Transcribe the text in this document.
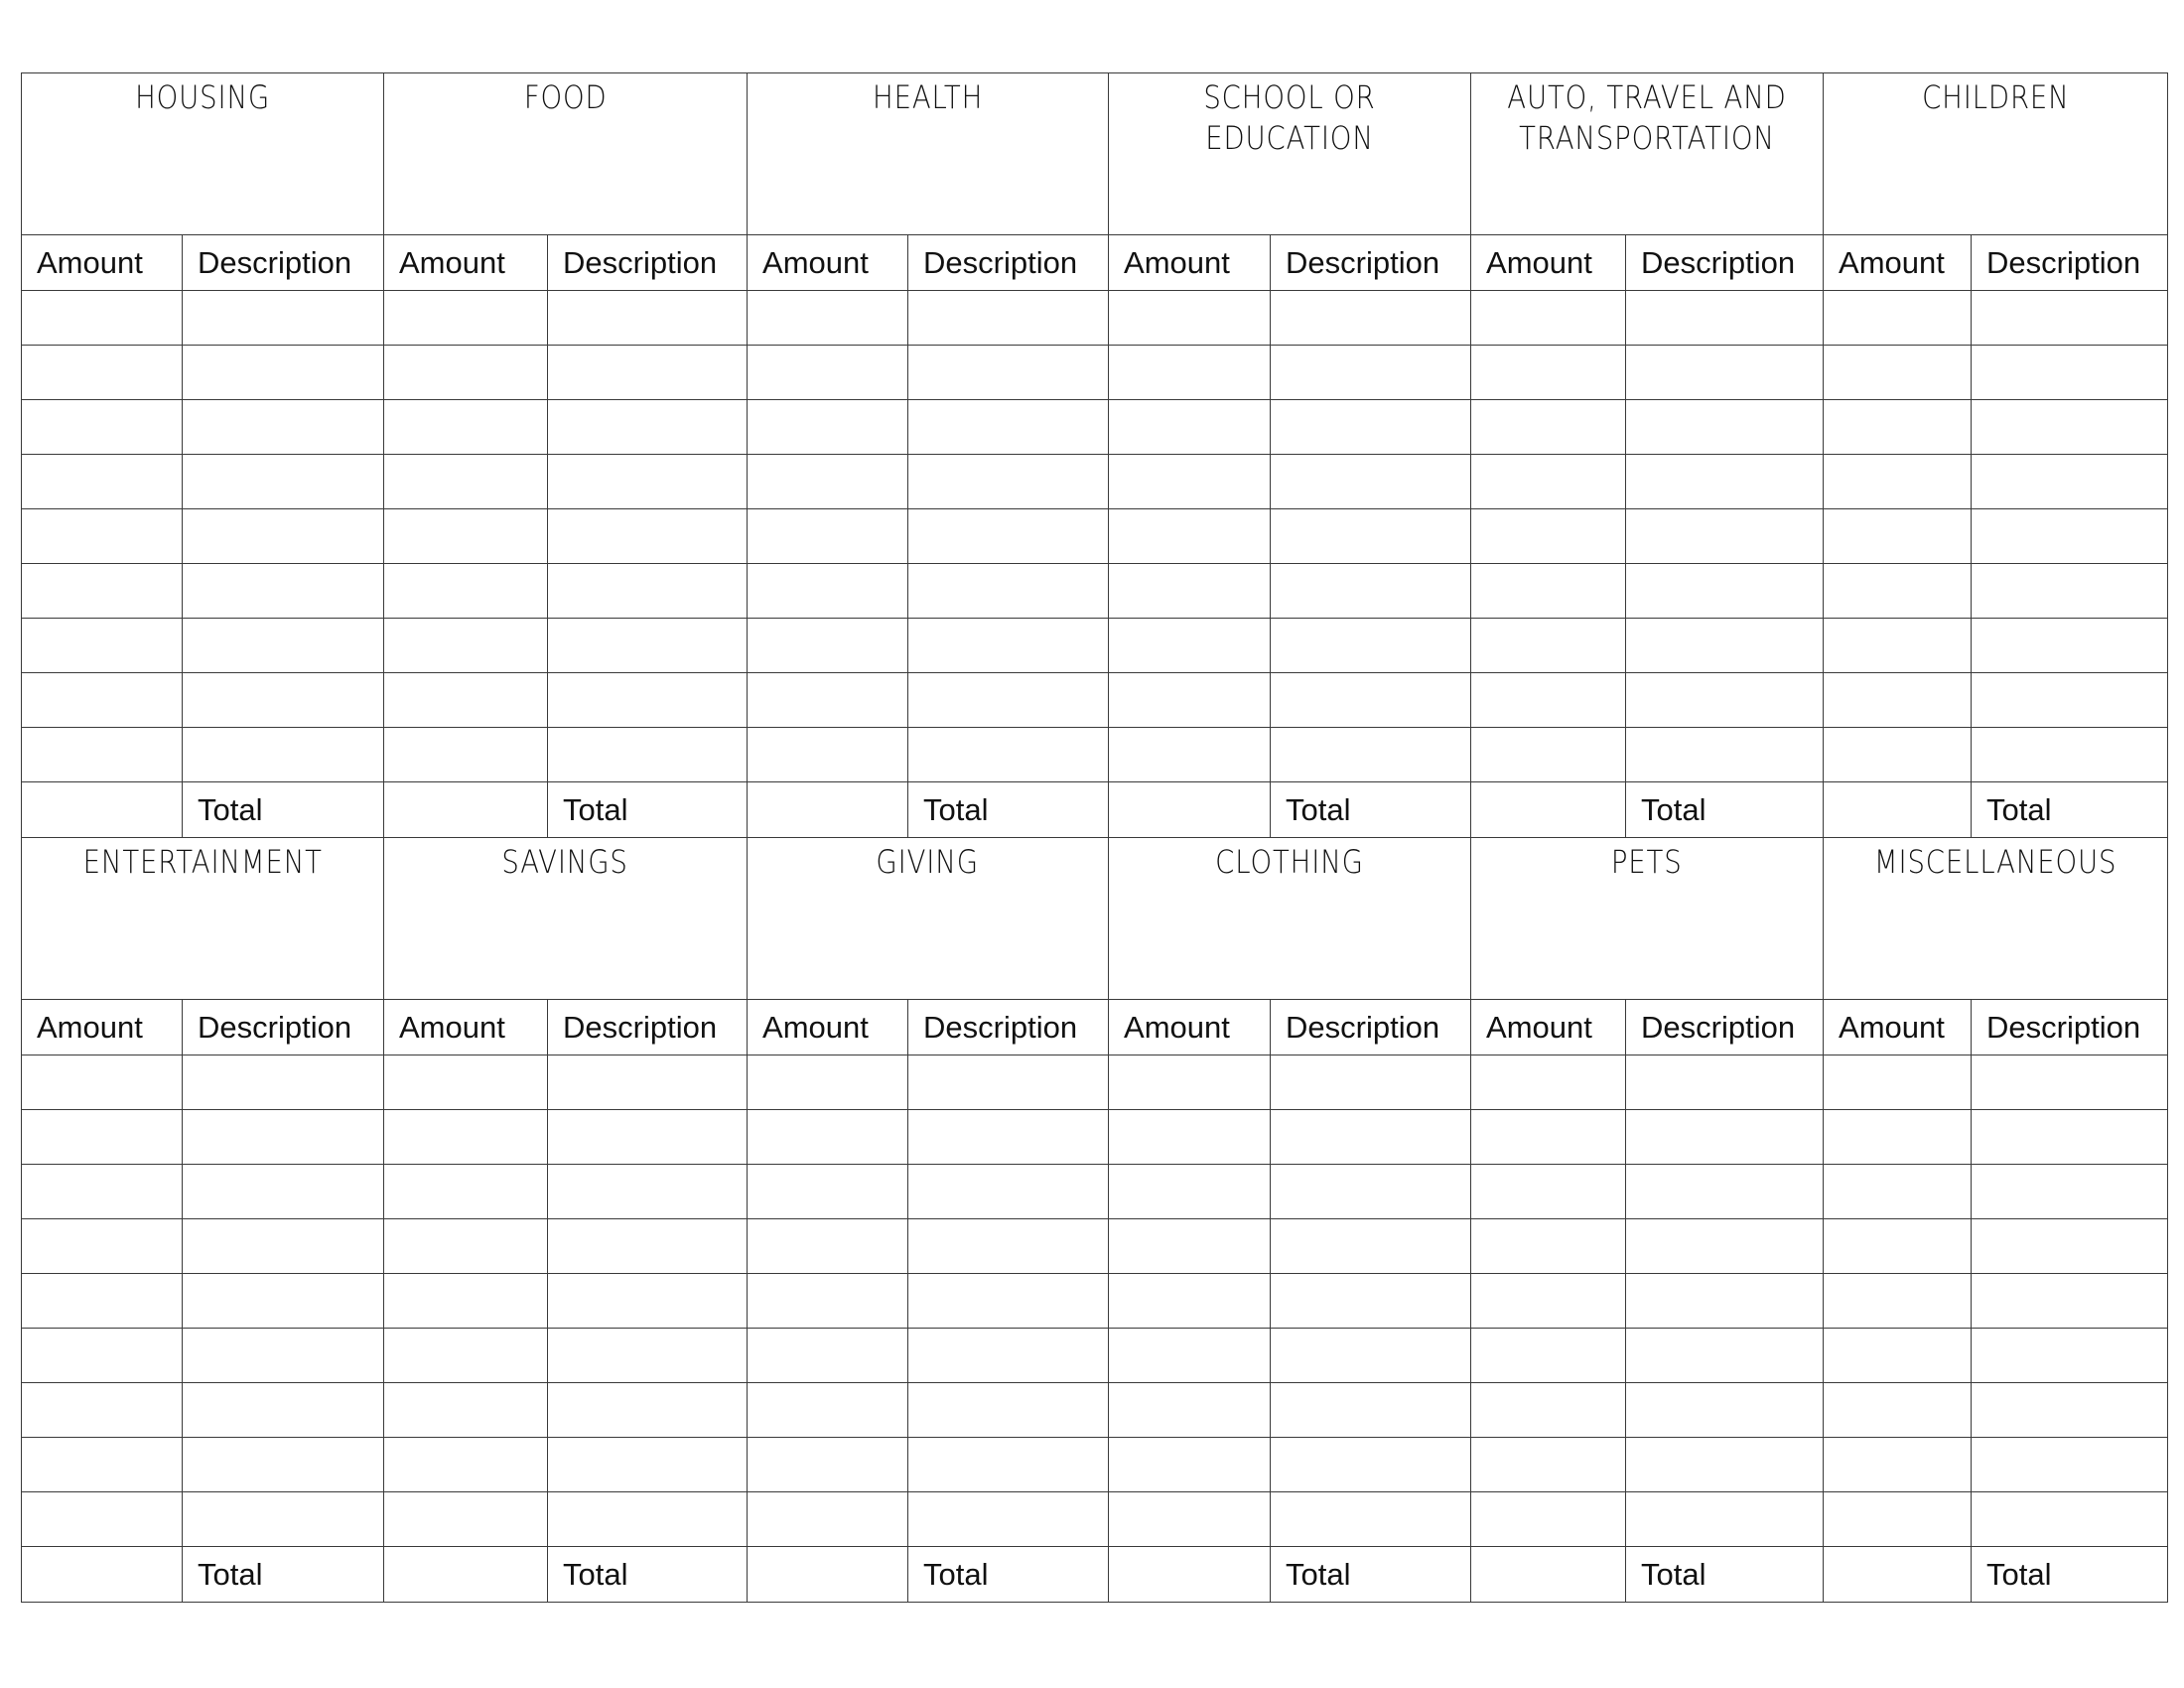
HOUSING		FOOD		HEALTH		SCHOOL OR EDUCATION		AUTO, TRAVEL AND TRANSPORTATION		CHILDREN	
Amount	Description	Amount	Description	Amount	Description	Amount	Description	Amount	Description	Amount	Description

	Total		Total		Total		Total		Total		Total
ENTERTAINMENT		SAVINGS		GIVING		CLOTHING		PETS		MISCELLANEOUS	
Amount	Description	Amount	Description	Amount	Description	Amount	Description	Amount	Description	Amount	Description

	Total		Total		Total		Total		Total		Total
